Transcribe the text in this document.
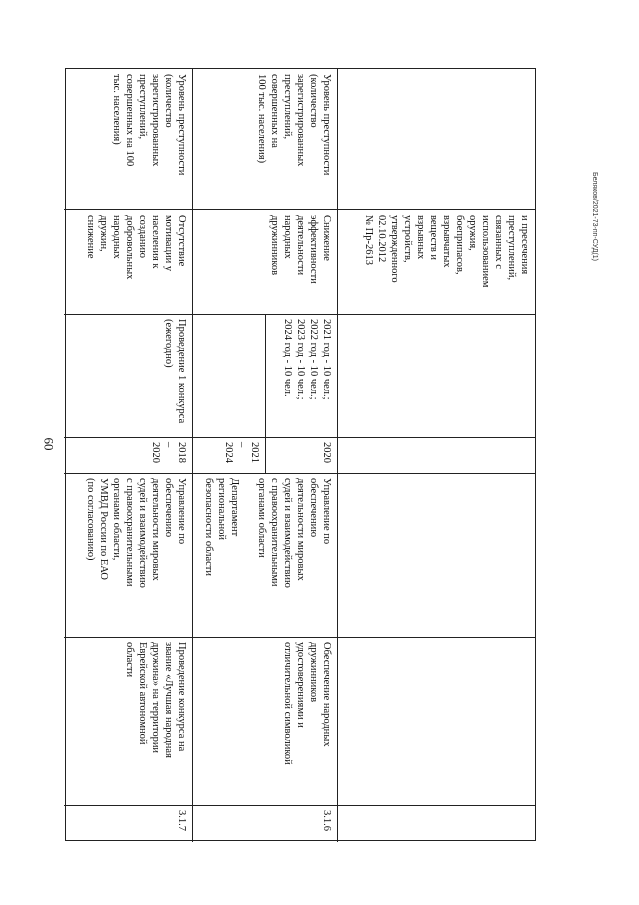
60
Беляков/2021-73-пп-СУД(1)
и пресечения
преступлений,
связанных с
использованием
оружия,
боеприпасов,
взрывчатых
веществ и
взрывных
устройств,
утвержденного
02.10.2012
№ Пр-2613
Уровень преступности
(количество
зарегистрированных
преступлений,
совершенных на
100 тыс. населения)
Снижение
эффективности
деятельности
народных
дружинников
2021 год - 10 чел.;
2022 год - 10 чел.;
2023 год - 10 чел.;
2024 год - 10 чел.
2020
Управление по
обеспечению
деятельности мировых
судей и взаимодействию
с правоохранительными
органами области
2021
–
2024
Департамент
региональной
безопасности области
Обеспечение народных
дружинников
удостоверениями и
отличительной символикой
3.1.6
Уровень преступности
(количество
зарегистрированных
преступлений,
совершенных на 100
тыс. населения)
Отсутствие
мотивации у
населения к
созданию
добровольных
народных
дружин,
снижение
Проведение 1 конкурса
(ежегодно)
2018
–
2020
Управление по
обеспечению
деятельности мировых
судей и взаимодействию
с правоохранительными
органами области,
УМВД России по ЕАО
(по согласованию)
Проведение конкурса на
звание «Лучшая народная
дружина» на территории
Еврейской автономной
области
3.1.7
